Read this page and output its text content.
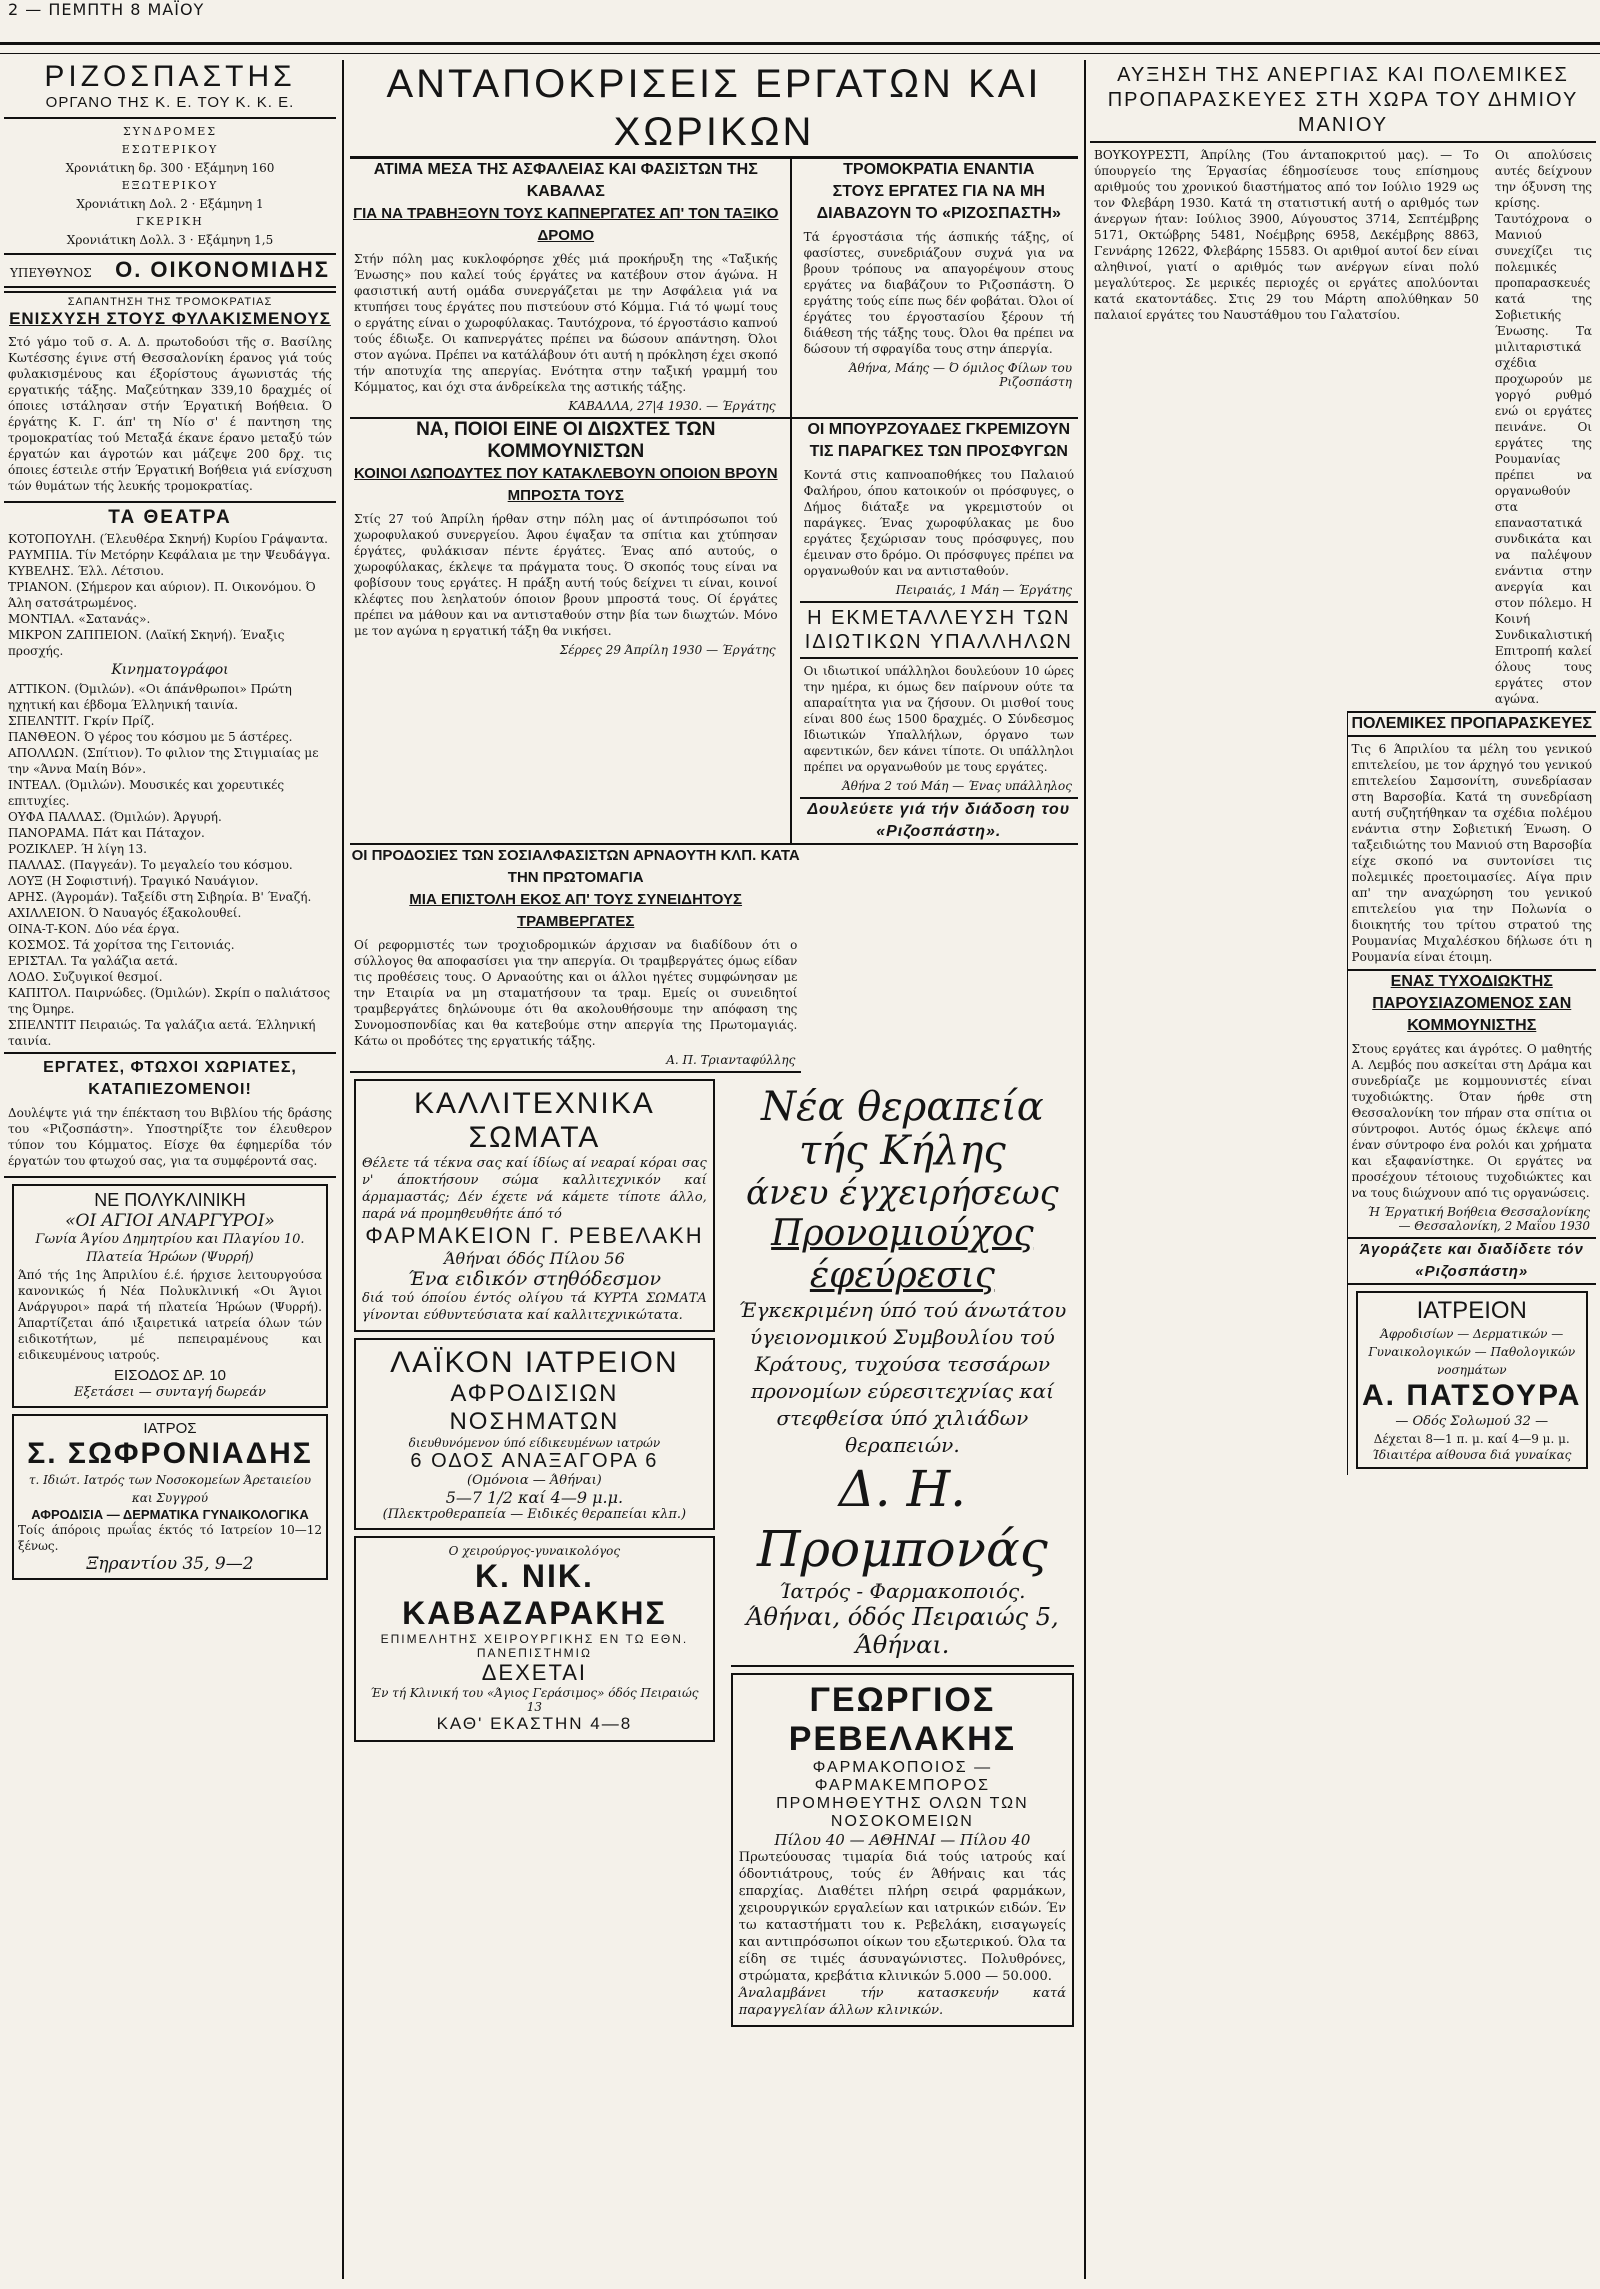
2 — ΠΕΜΠΤΗ 8 ΜΑΪΟΥ
ΡΙΖΟΣΠΑΣΤΗΣ
ΟΡΓΑΝΟ ΤΗΣ Κ. Ε. ΤΟΥ Κ. Κ. Ε.
ΣΥΝΔΡΟΜΕΣ
ΕΣΩΤΕΡΙΚΟΥ
Χρονιάτικη δρ. 300 · Εξάμηνη 160
ΕΞΩΤΕΡΙΚΟΥ
Χρονιάτικη Δολ. 2 · Εξάμηνη 1
ΓΚΕΡΙΚΗ
Χρονιάτικη Δολλ. 3 · Εξάμηνη 1,5
ΥΠΕΥΘΥΝΟΣ Ο. ΟΙΚΟΝΟΜΙΔΗΣ
ΣΑΠΑΝΤΗΣΗ ΤΗΣ ΤΡΟΜΟΚΡΑΤΙΑΣ
ΕΝΙΣΧΥΣΗ ΣΤΟΥΣ ΦΥΛΑΚΙΣΜΕΝΟΥΣ

Στό γάμο τοῦ σ. Α. Δ. πρωτοδούσι τῆς σ. Βασίλης Κωτέσσης έγινε στή Θεσσαλονίκη έρανος γιά τούς φυλακισμένους και έξορίστους άγωνιστάς τής εργατικής τάξης. Μαζεύτηκαν 339,10 δραχμές οί όποιες ιστάλησαν στήν Έργατική Βοήθεια. Ό έργάτης Κ. Γ. άπ' τη Νίο σ' έ παντηση της τρομοκρατίας τού Μεταξά έκανε έρανο μεταξύ τών έργατών και άγροτών και μάζεψε 200 δρχ. τις όποιες έστειλε στήν Έργατική Βοήθεια γιά ενίσχυση τών θυμάτων τής λευκής τρομοκρατίας.

ΤΑ ΘΕΑΤΡΑ
ΚΟΤΟΠΟΥΛΗ. (Έλευθέρα Σκηνή) Κυρίου Γράψαντα.
ΡΑΥΜΠΙΑ. Τίν Μετόρην Κεφάλαια με την Ψευδάγγα.
ΚΥΒΕΛΗΣ. Έλλ. Λέτσιου.
ΤΡΙΑΝΟΝ. (Σήμερον και αύριον). Π. Οικονόμου. Ό Άλη σατσάτρωμένος.
ΜΟΝΤΙΑΛ. «Σατανάς».
ΜΙΚΡΟΝ ΖΑΠΠΕΙΟΝ. (Λαϊκή Σκηνή). Έναξις προσχής.
Κινηματογράφοι
ΑΤΤΙΚΟΝ. (Όμιλών). «Οι άπάνθρωποι» Πρώτη ηχητική και έβδομα Έλληνική ταινία.
ΣΠΕΛΝΤΙΤ. Γκρίν Πρίζ.
ΠΑΝΘΕΟΝ. Ό γέρος του κόσμου με 5 άστέρες.
ΑΠΟΛΛΩΝ. (Σπίτιον). Το φιλιον της Στιγμιαίας με την «Άννα Μαίη Βόν».
ΙΝΤΕΑΛ. (Όμιλών). Μουσικές και χορευτικές επιτυχίες.
ΟΥΦΑ ΠΑΛΛΑΣ. (Όμιλών). Άργυρή.
ΠΑΝΟΡΑΜΑ. Πάτ και Πάταχον.
ΡΟΖΙΚΛΕΡ. Ή λίγη 13.
ΠΑΛΛΑΣ. (Παγγεάν). Το μεγαλείο του κόσμου.
ΛΟΥΞ (Η Σοφιστινή). Τραγικό Ναυάγιον.
ΑΡΗΣ. (Άγρομάν). Ταξείδι στη Σιβηρία. Β' Έναζή.
ΑΧΙΛΛΕΙΟΝ. Ό Ναυαγός έξακολουθεί.
ΟΙΝΑ-Τ-ΚΟΝ. Δύο νέα έργα.
ΚΟΣΜΟΣ. Τά χορίτσα της Γειτονιάς.
ΕΡΙΣΤΑΛ. Τα γαλάζια αετά.
ΛΟΔΟ. Συζυγικοί θεσμοί.
ΚΑΠΙΤΟΛ. Παιρνώδες. (Όμιλών). Σκρίπ ο παλιάτσος της Όμηρε.
ΣΠΕΛΝΤΙΤ Πειραιώς. Τα γαλάζια αετά. Έλληνική ταινία.
ΕΡΓΑΤΕΣ, ΦΤΩΧΟΙ ΧΩΡΙΑΤΕΣ, ΚΑΤΑΠΙΕΖΟΜΕΝΟΙ!

Δουλέψτε γιά την έπέκταση του Βιβλίου τής δράσης του «Ριζοσπάστη». Υποστηρίξτε τον έλευθερον τύπον του Κόμματος. Είσχε θα έφημερίδα τόν έργατών του φτωχού σας, για τα συμφέροντά σας.

ΝΕ ΠΟΛΥΚΛΙΝΙΚΗ
«ΟΙ ΑΓΙΟΙ ΑΝΑΡΓΥΡΟΙ»
Γωνία Άγίου Δημητρίου και Πλαγίου 10. Πλατεία Ήρώων (Ψυρρή)
Άπό τής 1ης Άπριλίου έ.έ. ήρχισε λειτουργούσα κανονικώς ή Νέα Πολυκλινική «Οι Άγιοι Ανάργυροι» παρά τή πλατεία Ήρώων (Ψυρρή). Άπαρτίζεται άπό ιξαιρετικά ιατρεία όλων τών ειδικοτήτων, μέ πεπειραμένους και ειδικευμένους ιατρούς.
ΕΙΣΟΔΟΣ ΔΡ. 10
Εξετάσει — συνταγή δωρεάν
ΙΑΤΡΟΣ
Σ. ΣΩΦΡΟΝΙΑΔΗΣ
τ. Ιδιώτ. Ιατρός των Νοσοκομείων Άρεταιείου και Συγγρού
ΑΦΡΟΔΙΣΙΑ — ΔΕΡΜΑΤΙΚΑ ΓΥΝΑΙΚΟΛΟΓΙΚΑ
Τοίς άπόροις πρωΐας έκτός τό Ιατρείον 10—12 ξένως.
Ξηραντίου 35, 9—2
ΑΝΤΑΠΟΚΡΙΣΕΙΣ ΕΡΓΑΤΩΝ ΚΑΙ ΧΩΡΙΚΩΝ
ΑΤΙΜΑ ΜΕΣΑ ΤΗΣ ΑΣΦΑΛΕΙΑΣ ΚΑΙ ΦΑΣΙΣΤΩΝ ΤΗΣ ΚΑΒΑΛΑΣ
ΓΙΑ ΝΑ ΤΡΑΒΗΞΟΥΝ ΤΟΥΣ ΚΑΠΝΕΡΓΑΤΕΣ ΑΠ' ΤΟΝ ΤΑΞΙΚΟ ΔΡΟΜΟ

Στήν πόλη μας κυκλοφόρησε χθές μιά προκήρυξη της «Ταξικής Ένωσης» που καλεί τούς έργάτες να κατέβουν στον άγώνα. Η φασιστική αυτή ομάδα συνεργάζεται με την Ασφάλεια γιά να κτυπήσει τους έργάτες που πιστεύουν στό Κόμμα. Γιά τό ψωμί τους ο εργάτης είναι ο χωροφύλακας. Ταυτόχρονα, τό έργοστάσιο καπνού τούς έδιωξε. Οι καπνεργάτες πρέπει να δώσουν απάντηση. Όλοι στον αγώνα. Πρέπει να κατάλάβουν ότι αυτή η πρόκληση έχει σκοπό τήν αποτυχία της απεργίας. Ενότητα στην ταξική γραμμή του Κόμματος, και όχι στα άνδρείκελα της αστικής τάξης.

ΚΑΒΑΛΛΑ, 27|4 1930. — Έργάτης
ΤΡΟΜΟΚΡΑΤΙΑ ΕΝΑΝΤΙΑ
ΣΤΟΥΣ ΕΡΓΑΤΕΣ ΓΙΑ ΝΑ ΜΗ ΔΙΑΒΑΖΟΥΝ ΤΟ «ΡΙΖΟΣΠΑΣΤΗ»

Τά έργοστάσια τής άσπικής τάξης, οί φασίστες, συνεδριάζουν συχνά για να βρουν τρόπους να απαγορέψουν στους εργάτες να διαβάζουν το Ριζοσπάστη. Ό εργάτης τούς είπε πως δέν φοβάται. Όλοι οί έργάτες του έργοστασίου ξέρουν τή διάθεση τής τάξης τους. Όλοι θα πρέπει να δώσουν τή σφραγίδα τους στην άπεργία.

Άθήνα, Μάης — Ό όμιλος Φίλων του Ριζοσπάστη
ΝΑ, ΠΟΙΟΙ ΕΙΝΕ ΟΙ ΔΙΩΧΤΕΣ ΤΩΝ ΚΟΜΜΟΥΝΙΣΤΩΝ
ΚΟΙΝΟΙ ΛΩΠΟΔΥΤΕΣ ΠΟΥ ΚΑΤΑΚΛΕΒΟΥΝ ΟΠΟΙΟΝ ΒΡΟΥΝ ΜΠΡΟΣΤΑ ΤΟΥΣ

Στίς 27 τού Άπρίλη ήρθαν στην πόλη μας οί άντιπρόσωποι τού χωροφυλακού συνεργείου. Άφου έψαξαν τα σπίτια και χτύπησαν έργάτες, φυλάκισαν πέντε έργάτες. Ένας από αυτούς, ο χωροφύλακας, έκλεψε τα πράγματα τους. Ό σκοπός τους είναι να φοβίσουν τους εργάτες. Η πράξη αυτή τούς δείχνει τι είναι, κοινοί κλέφτες που λεηλατούν όποιον βρουν μπροστά τους. Οί έργάτες πρέπει να μάθουν και να αντισταθούν στην βία των διωχτών. Μόνο με τον αγώνα η εργατική τάξη θα νικήσει.

Σέρρες 29 Άπρίλη 1930 — Έργάτης
ΟΙ ΜΠΟΥΡΖΟΥΑΔΕΣ ΓΚΡΕΜΙΖΟΥΝ
ΤΙΣ ΠΑΡΑΓΚΕΣ ΤΩΝ ΠΡΟΣΦΥΓΩΝ

Κοντά στις καπνοαποθήκες του Παλαιού Φαλήρου, όπου κατοικούν οι πρόσφυγες, ο Δήμος διάταξε να γκρεμιστούν οι παράγκες. Ένας χωροφύλακας με δυο εργάτες ξεχώρισαν τους πρόσφυγες, που έμειναν στο δρόμο. Οι πρόσφυγες πρέπει να οργανωθούν και να αντισταθούν.

Πειραιάς, 1 Μάη — Έργάτης
Η ΕΚΜΕΤΑΛΛΕΥΣΗ ΤΩΝ ΙΔΙΩΤΙΚΩΝ ΥΠΑΛΛΗΛΩΝ

Οι ιδιωτικοί υπάλληλοι δουλεύουν 10 ώρες την ημέρα, κι όμως δεν παίρνουν ούτε τα απαραίτητα για να ζήσουν. Οι μισθοί τους είναι 800 έως 1500 δραχμές. Ο Σύνδεσμος Ιδιωτικών Υπαλλήλων, όργανο των αφεντικών, δεν κάνει τίποτε. Οι υπάλληλοι πρέπει να οργανωθούν με τους εργάτες.

Άθήνα 2 τού Μάη — Ένας υπάλληλος
Δουλεύετε γιά τήν διάδοση του «Ριζοσπάστη».
ΟΙ ΠΡΟΔΟΣΙΕΣ ΤΩΝ ΣΟΣΙΑΛΦΑΣΙΣΤΩΝ ΑΡΝΑΟΥΤΗ ΚΛΠ. ΚΑΤΑ ΤΗΝ ΠΡΩΤΟΜΑΓΙΑ
ΜΙΑ ΕΠΙΣΤΟΛΗ ΕΚΟΣ ΑΠ' ΤΟΥΣ ΣΥΝΕΙΔΗΤΟΥΣ ΤΡΑΜΒΕΡΓΑΤΕΣ

Οί ρεφορμιστές των τροχιοδρομικών άρχισαν να διαδίδουν ότι ο σύλλογος θα αποφασίσει για την απεργία. Οι τραμβεργάτες όμως είδαν τις προθέσεις τους. Ο Αρναούτης και οι άλλοι ηγέτες συμφώνησαν με την Εταιρία να μη σταματήσουν τα τραμ. Εμείς οι συνειδητοί τραμβεργάτες δηλώνουμε ότι θα ακολουθήσουμε την απόφαση της Συνομοσπονδίας και θα κατεβούμε στην απεργία της Πρωτομαγιάς. Κάτω οι προδότες της εργατικής τάξης.

Α. Π. Τριανταφύλλης
ΚΑΛΛΙΤΕΧΝΙΚΑ ΣΩΜΑΤΑ
Θέλετε τά τέκνα σας καί ίδίως αί νεαραί κόραι σας ν' άποκτήσουν σώμα καλλιτεχνικόν καί άρμαμαστάς; Δέν έχετε νά κάμετε τίποτε άλλο, παρά νά προμηθευθήτε άπό τό
ΦΑΡΜΑΚΕΙΟΝ Γ. ΡΕΒΕΛΑΚΗ
Άθήναι όδός Πίλου 56
Ένα ειδικόν στηθόδεσμον
διά τού όποίου έντός ολίγου τά ΚΥΡΤΑ ΣΩΜΑΤΑ γίνονται εύθυντεύσιατα καί καλλιτεχνικώτατα.
ΛΑΪΚΟΝ ΙΑΤΡΕΙΟΝ
ΑΦΡΟΔΙΣΙΩΝ ΝΟΣΗΜΑΤΩΝ
διευθυνόμενον ύπό είδικευμένων ιατρών
6 ΟΔΟΣ ΑΝΑΞΑΓΟΡΑ 6
(Ομόνοια — Άθήναι)
5—7 1/2 καί 4—9 μ.μ.
(Πλεκτροθεραπεία — Ειδικές θεραπείαι κλπ.)
Ο χειρούργος-γυναικολόγος
Κ. ΝΙΚ. ΚΑΒΑΖΑΡΑΚΗΣ
ΕΠΙΜΕΛΗΤΗΣ ΧΕΙΡΟΥΡΓΙΚΗΣ ΕΝ ΤΩ ΕΘΝ. ΠΑΝΕΠΙΣΤΗΜΙΩ
ΔΕΧΕΤΑΙ
Έν τή Κλινική του «Άγιος Γεράσιμος» όδός Πειραιώς 13
ΚΑΘ' ΕΚΑΣΤΗΝ 4—8
Νέα θεραπεία τής Κήλης
άνευ έγχειρήσεως
Προνομιούχος έφεύρεσις
Έγκεκριμένη ύπό τού άνωτάτου ύγειονομικού Συμβουλίου τού Κράτους, τυχούσα τεσσάρων προνομίων εύρεσιτεχνίας καί στεφθείσα ύπό χιλιάδων θεραπειών.
Δ. Η. Προμπονάς
Ίατρός - Φαρμακοποιός.
Άθήναι, όδός Πειραιώς 5, Άθήναι.
ΓΕΩΡΓΙΟΣ ΡΕΒΕΛΑΚΗΣ
ΦΑΡΜΑΚΟΠΟΙΟΣ — ΦΑΡΜΑΚΕΜΠΟΡΟΣ
ΠΡΟΜΗΘΕΥΤΗΣ ΟΛΩΝ ΤΩΝ ΝΟΣΟΚΟΜΕΙΩΝ
Πίλου 40 — ΑΘΗΝΑΙ — Πίλου 40
Πρωτεύουσας τιμαρία διά τούς ιατρούς καί όδοντιάτρους, τούς έν Άθήναις και τάς επαρχίας. Διαθέτει πλήρη σειρά φαρμάκων, χειρουργικών εργαλείων και ιατρικών ειδών. Έν τω καταστήματι του κ. Ρεβελάκη, εισαγωγείς και αντιπρόσωποι οίκων του εξωτερικού. Όλα τα είδη σε τιμές άσυναγώνιστες. Πολυθρόνες, στρώματα, κρεβάτια κλινικών 5.000 — 50.000.
Άναλαμβάνει τήν κατασκευήν κατά παραγγελίαν άλλων κλινικών.
ΑΥΞΗΣΗ ΤΗΣ ΑΝΕΡΓΙΑΣ ΚΑΙ ΠΟΛΕΜΙΚΕΣ ΠΡΟΠΑΡΑΣΚΕΥΕΣ ΣΤΗ ΧΩΡΑ ΤΟΥ ΔΗΜΙΟΥ ΜΑΝΙΟΥ

ΒΟΥΚΟΥΡΕΣΤΙ, Άπρίλης (Του άνταποκριτού μας). — Το ύπουργείο της Έργασίας έδημοσίευσε τους επίσημους αριθμούς του χρονικού διαστήματος από τον Ιούλιο 1929 ως τον Φλεβάρη 1930. Κατά τη στατιστική αυτή ο αριθμός των άνεργων ήταν: Ιούλιος 3900, Αύγουστος 3714, Σεπτέμβρης 5171, Οκτώβρης 5481, Νοέμβρης 6958, Δεκέμβρης 8863, Γεννάρης 12622, Φλεβάρης 15583. Οι αριθμοί αυτοί δεν είναι αληθινοί, γιατί ο αριθμός των ανέργων είναι πολύ μεγαλύτερος. Σε μερικές περιοχές οι εργάτες απολύονται κατά εκατοντάδες. Στις 29 του Μάρτη απολύθηκαν 50 παλαιοί εργάτες του Ναυστάθμου του Γαλατσίου.

Οι απολύσεις αυτές δείχνουν την όξυνση της κρίσης. Ταυτόχρονα ο Μανιού συνεχίζει τις πολεμικές προπαρασκευές κατά της Σοβιετικής Ένωσης. Τα μιλιταριστικά σχέδια προχωρούν με γοργό ρυθμό ενώ οι εργάτες πεινάνε. Οι εργάτες της Ρουμανίας πρέπει να οργανωθούν στα επαναστατικά συνδικάτα και να παλέψουν ενάντια στην ανεργία και στον πόλεμο. Η Κοινή Συνδικαλιστική Επιτροπή καλεί όλους τους εργάτες στον αγώνα.

ΠΟΛΕΜΙΚΕΣ ΠΡΟΠΑΡΑΣΚΕΥΕΣ

Τις 6 Άπριλίου τα μέλη του γενικού επιτελείου, με τον άρχηγό του γενικού επιτελείου Σαμσονίτη, συνεδρίασαν στη Βαρσοβία. Κατά τη συνεδρίαση αυτή συζητήθηκαν τα σχέδια πολέμου ενάντια στην Σοβιετική Ένωση. Ο ταξειδιώτης του Μανιού στη Βαρσοβία είχε σκοπό να συντονίσει τις πολεμικές προετοιμασίες. Αίγα πριν απ' την αναχώρηση του γενικού επιτελείου για την Πολωνία ο διοικητής του τρίτου στρατού της Ρουμανίας Μιχαλέσκου δήλωσε ότι η Ρουμανία είναι έτοιμη.

ΕΝΑΣ ΤΥΧΟΔΙΩΚΤΗΣ ΠΑΡΟΥΣΙΑΖΟΜΕΝΟΣ ΣΑΝ ΚΟΜΜΟΥΝΙΣΤΗΣ

Στους εργάτες και άγρότες. Ο μαθητής Α. Λεμβός που ασκείται στη Δράμα και συνεδρίαζε με κομμουνιστές είναι τυχοδιώκτης. Όταν ήρθε στη Θεσσαλονίκη τον πήραν στα σπίτια οι σύντροφοι. Αυτός όμως έκλεψε από έναν σύντροφο ένα ρολόι και χρήματα και εξαφανίστηκε. Οι εργάτες να προσέχουν τέτοιους τυχοδιώκτες και να τους διώχνουν από τις οργανώσεις.

Ή Έργατική Βοήθεια Θεσσαλονίκης — Θεσσαλονίκη, 2 Μαΐου 1930
Άγοράζετε και διαδίδετε τόν «Ριζοσπάστη»
ΙΑΤΡΕΙΟΝ
Άφροδισίων — Δερματικών — Γυναικολογικών — Παθολογικών νοσημάτων
Α. ΠΑΤΣΟΥΡΑ
— Οδός Σολωμού 32 —
Δέχεται 8—1 π. μ. καί 4—9 μ. μ.
Ίδιαιτέρα αίθουσα διά γυναίκας
